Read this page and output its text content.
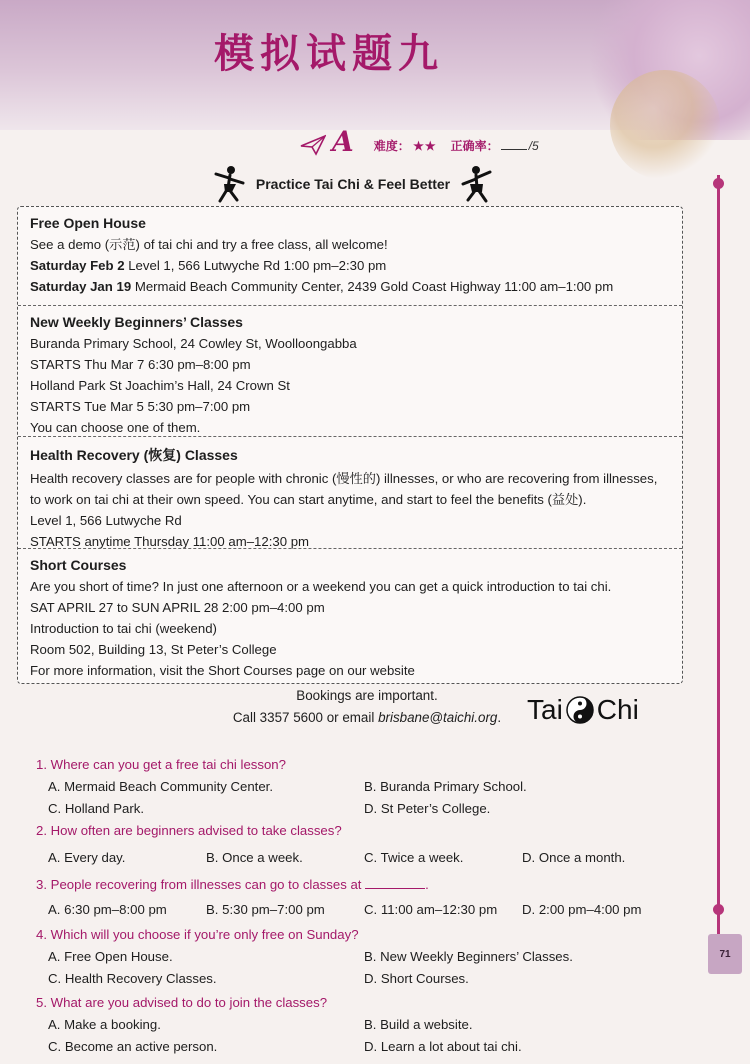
71
模拟试题九
A 难度： ★★ 正确率：	/5
Practice Tai Chi & Feel Better
Free Open House
See a demo (示范) of tai chi and try a free class, all welcome!
Saturday Feb 2 Level 1, 566 Lutwyche Rd 1:00 pm–2:30 pm
Saturday Jan 19 Mermaid Beach Community Center, 2439 Gold Coast Highway 11:00 am–1:00 pm
New Weekly Beginners’ Classes
Buranda Primary School, 24 Cowley St, Woolloongabba
STARTS Thu Mar 7 6:30 pm–8:00 pm
Holland Park St Joachim’s Hall, 24 Crown St
STARTS Tue Mar 5 5:30 pm–7:00 pm
You can choose one of them.
Health Recovery (恢复) Classes
Health recovery classes are for people with chronic (慢性的) illnesses, or who are recovering from illnesses, to work on tai chi at their own speed. You can start anytime, and start to feel the benefits (益处).
Level 1, 566 Lutwyche Rd
STARTS anytime Thursday 11:00 am–12:30 pm
Short Courses
Are you short of time? In just one afternoon or a weekend you can get a quick introduction to tai chi.
SAT APRIL 27 to SUN APRIL 28 2:00 pm–4:00 pm
Introduction to tai chi (weekend)
Room 502, Building 13, St Peter’s College
For more information, visit the Short Courses page on our website
Bookings are important.
Call 3357 5600 or email brisbane@taichi.org. Tai Chi
1. Where can you get a free tai chi lesson?
A. Mermaid Beach Community Center.	B. Buranda Primary School.
C. Holland Park.	D. St Peter’s College.
2. How often are beginners advised to take classes?
A. Every day.	B. Once a week.	C. Twice a week.	D. Once a month.
3. People recovering from illnesses can go to classes at	.
A. 6:30 pm–8:00 pm	B. 5:30 pm–7:00 pm	C. 11:00 am–12:30 pm	D. 2:00 pm–4:00 pm
4. Which will you choose if you’re only free on Sunday?
A. Free Open House.	B. New Weekly Beginners’ Classes.
C. Health Recovery Classes.	D. Short Courses.
5. What are you advised to do to join the classes?
A. Make a booking.	B. Build a website.
C. Become an active person.	D. Learn a lot about tai chi.
